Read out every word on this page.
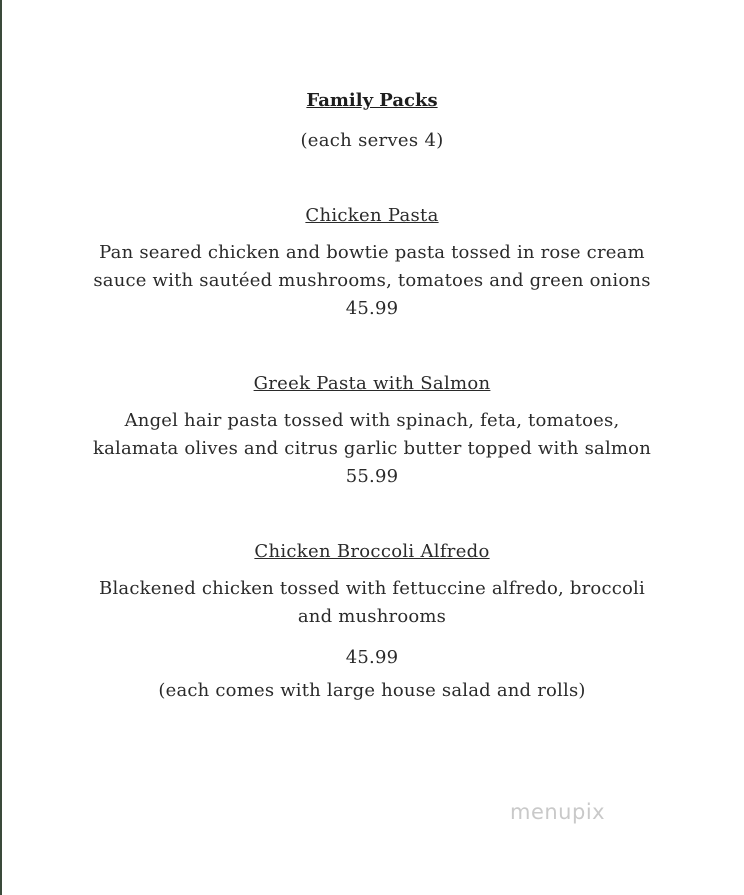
Family Packs
(each serves 4)
Chicken Pasta
Pan seared chicken and bowtie pasta tossed in rose cream sauce with sautéed mushrooms, tomatoes and green onions 45.99
Greek Pasta with Salmon
Angel hair pasta tossed with spinach, feta, tomatoes, kalamata olives and citrus garlic butter topped with salmon 55.99
Chicken Broccoli Alfredo
Blackened chicken tossed with fettuccine alfredo, broccoli and mushrooms
45.99
(each comes with large house salad and rolls)
menupix
